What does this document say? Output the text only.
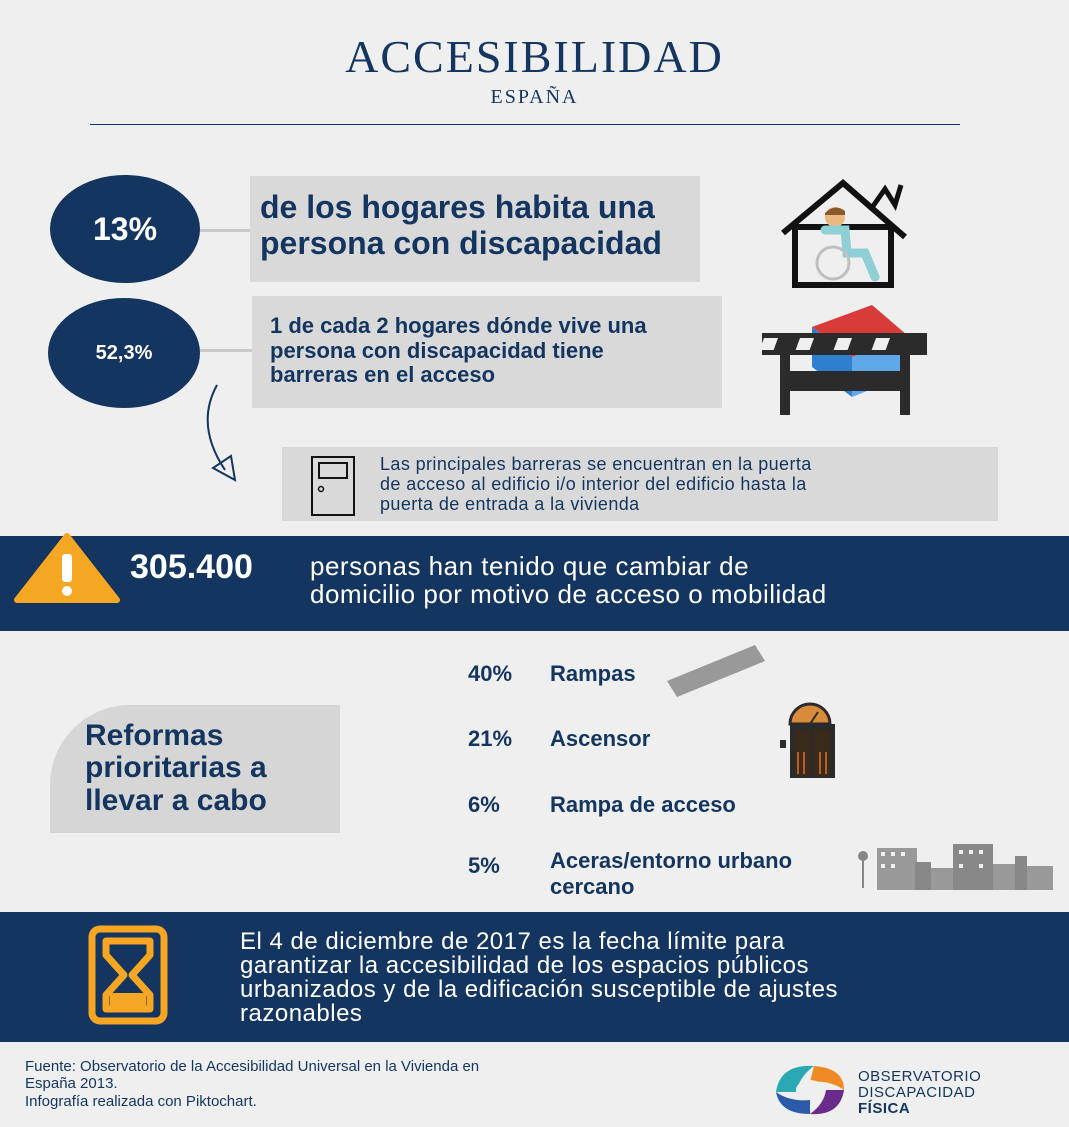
ACCESIBILIDAD
ESPAÑA
13%
de los hogares habita una
persona con discapacidad
52,3%
1 de cada 2 hogares dónde vive una
persona con discapacidad tiene
barreras en el acceso
Las principales barreras se encuentran en la puerta
de acceso al edificio i/o interior del edificio hasta la
puerta de entrada a la vivienda
305.400 personas han tenido que cambiar de
domicilio por motivo de acceso o mobilidad
Reformas
prioritarias a
llevar a cabo
40% Rampas
21% Ascensor
6% Rampa de acceso
5% Aceras/entorno urbano
cercano
El 4 de diciembre de 2017 es la fecha límite para
garantizar la accesibilidad de los espacios públicos
urbanizados y de la edificación susceptible de ajustes
razonables
Fuente: Observatorio de la Accesibilidad Universal en la Vivienda en
España 2013.
Infografía realizada con Piktochart.
OBSERVATORIO
DISCAPACIDAD
FÍSICA
